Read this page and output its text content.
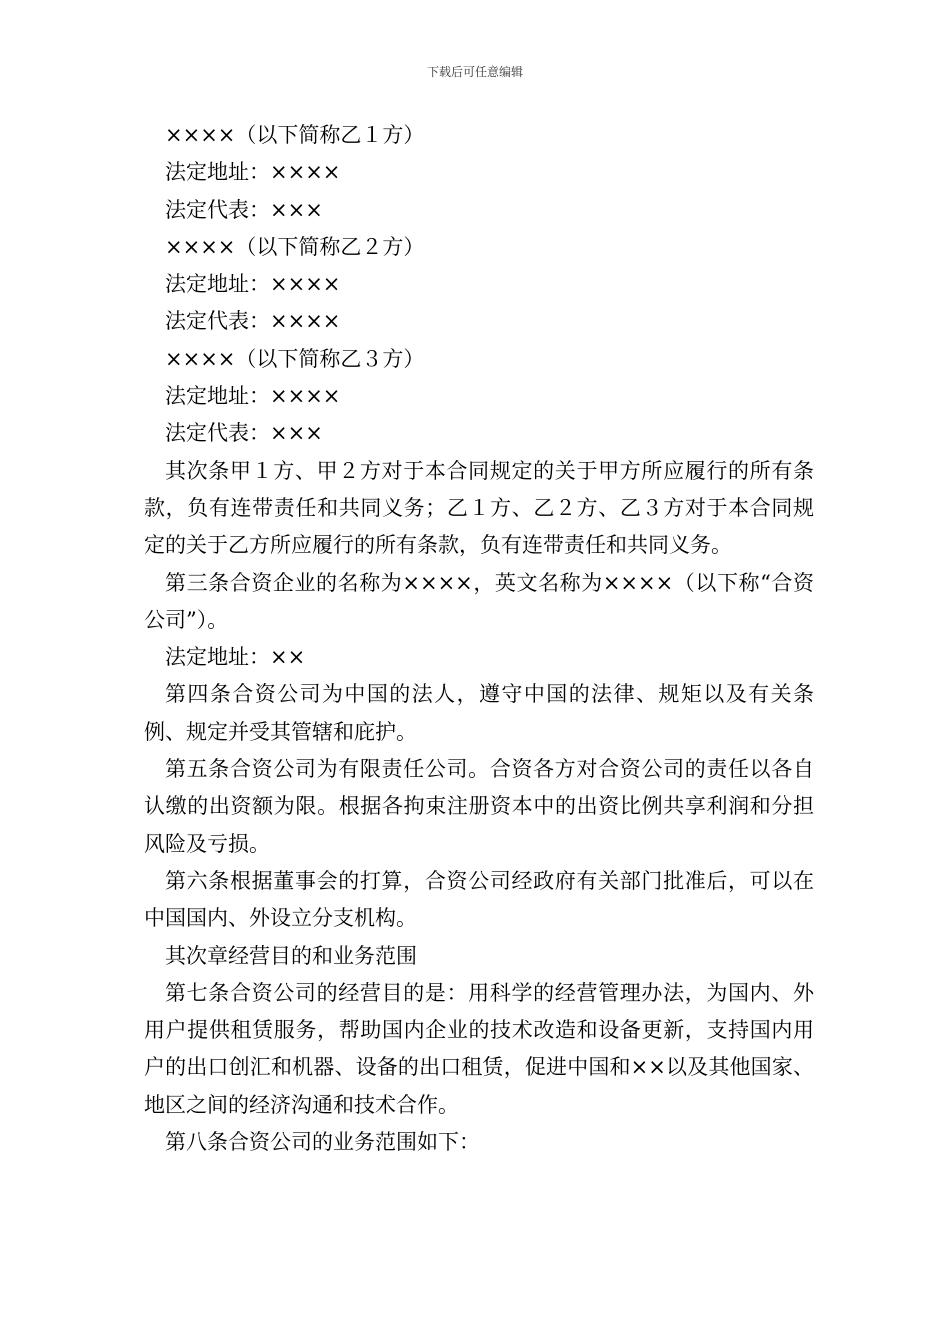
下载后可任意编辑

××××（以下简称乙１方）

法定地址：××××

法定代表：×××

××××（以下简称乙２方）

法定地址：××××

法定代表：××××

××××（以下简称乙３方）

法定地址：××××

法定代表：×××

其次条甲１方、甲２方对于本合同规定的关于甲方所应履行的所有条款，负有连带责任和共同义务；乙１方、乙２方、乙３方对于本合同规定的关于乙方所应履行的所有条款，负有连带责任和共同义务。

第三条合资企业的名称为××××，英文名称为××××（以下称“合资公司”）。

法定地址：××

第四条合资公司为中国的法人，遵守中国的法律、规矩以及有关条例、规定并受其管辖和庇护。

第五条合资公司为有限责任公司。合资各方对合资公司的责任以各自认缴的出资额为限。根据各拘束注册资本中的出资比例共享利润和分担风险及亏损。

第六条根据董事会的打算，合资公司经政府有关部门批准后，可以在中国国内、外设立分支机构。

其次章经营目的和业务范围

第七条合资公司的经营目的是：用科学的经营管理办法，为国内、外用户提供租赁服务，帮助国内企业的技术改造和设备更新，支持国内用户的出口创汇和机器、设备的出口租赁，促进中国和××以及其他国家、地区之间的经济沟通和技术合作。

第八条合资公司的业务范围如下：
